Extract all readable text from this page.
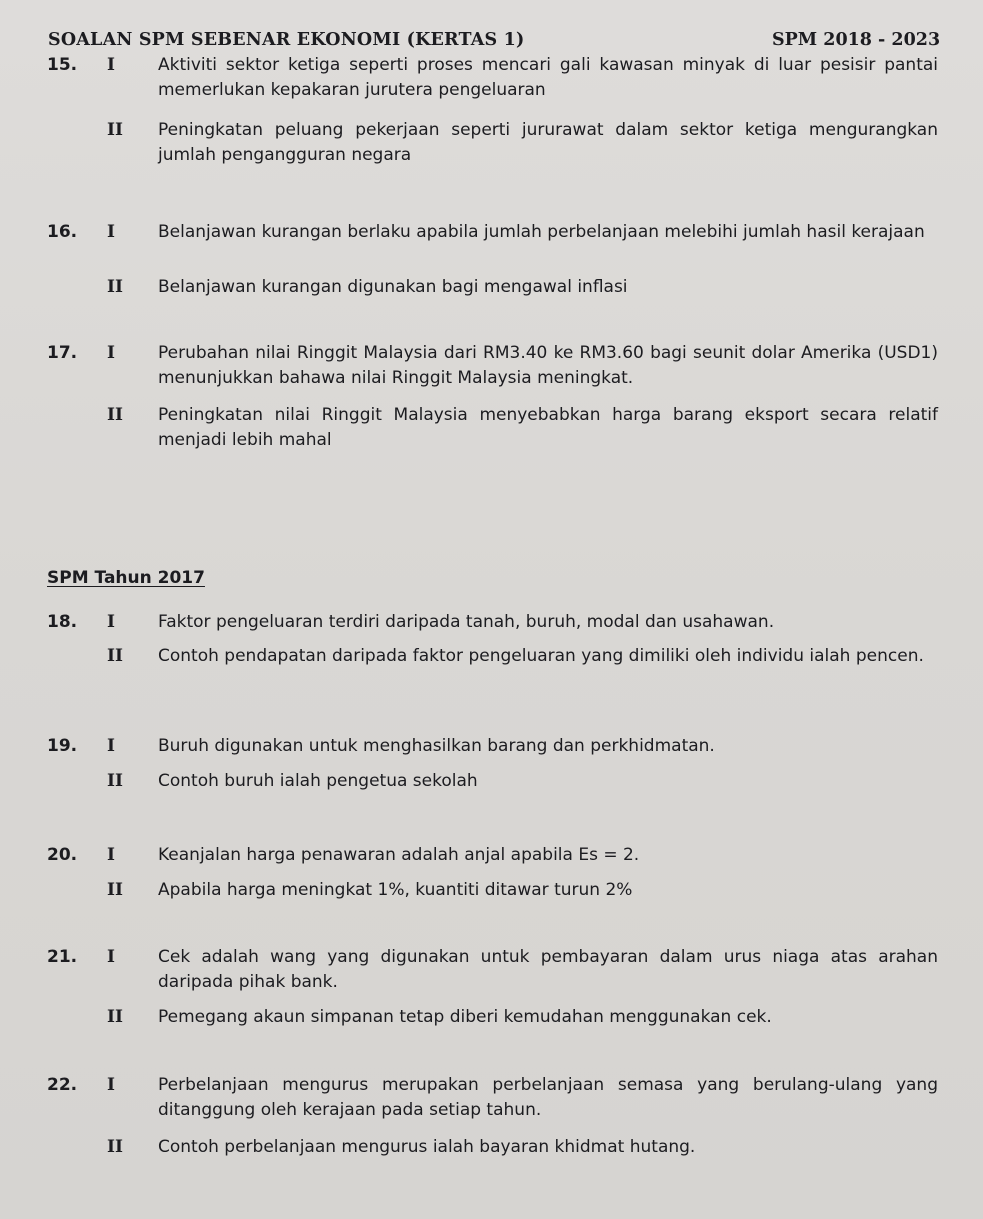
SOALAN SPM SEBENAR EKONOMI (KERTAS 1)	SPM 2018 - 2023
15. I	Aktiviti sektor ketiga seperti proses mencari gali kawasan minyak di luar pesisir pantai memerlukan kepakaran jurutera pengeluaran
II Peningkatan peluang pekerjaan seperti jururawat dalam sektor ketiga mengurangkan jumlah pengangguran negara
16. I	Belanjawan kurangan berlaku apabila jumlah perbelanjaan melebihi jumlah hasil kerajaan
II Belanjawan kurangan digunakan bagi mengawal inflasi
17. I	Perubahan nilai Ringgit Malaysia dari RM3.40 ke RM3.60 bagi seunit dolar Amerika (USD1) menunjukkan bahawa nilai Ringgit Malaysia meningkat.
II Peningkatan nilai Ringgit Malaysia menyebabkan harga barang eksport secara relatif menjadi lebih mahal
SPM Tahun 2017
18. I	Faktor pengeluaran terdiri daripada tanah, buruh, modal dan usahawan.
II Contoh pendapatan daripada faktor pengeluaran yang dimiliki oleh individu ialah pencen.
19. I	Buruh digunakan untuk menghasilkan barang dan perkhidmatan.
II Contoh buruh ialah pengetua sekolah
20. I	Keanjalan harga penawaran adalah anjal apabila Es = 2.
II Apabila harga meningkat 1%, kuantiti ditawar turun 2%
21. I	Cek adalah wang yang digunakan untuk pembayaran dalam urus niaga atas arahan daripada pihak bank.
II Pemegang akaun simpanan tetap diberi kemudahan menggunakan cek.
22. I	Perbelanjaan mengurus merupakan perbelanjaan semasa yang berulang-ulang yang ditanggung oleh kerajaan pada setiap tahun.
II Contoh perbelanjaan mengurus ialah bayaran khidmat hutang.
